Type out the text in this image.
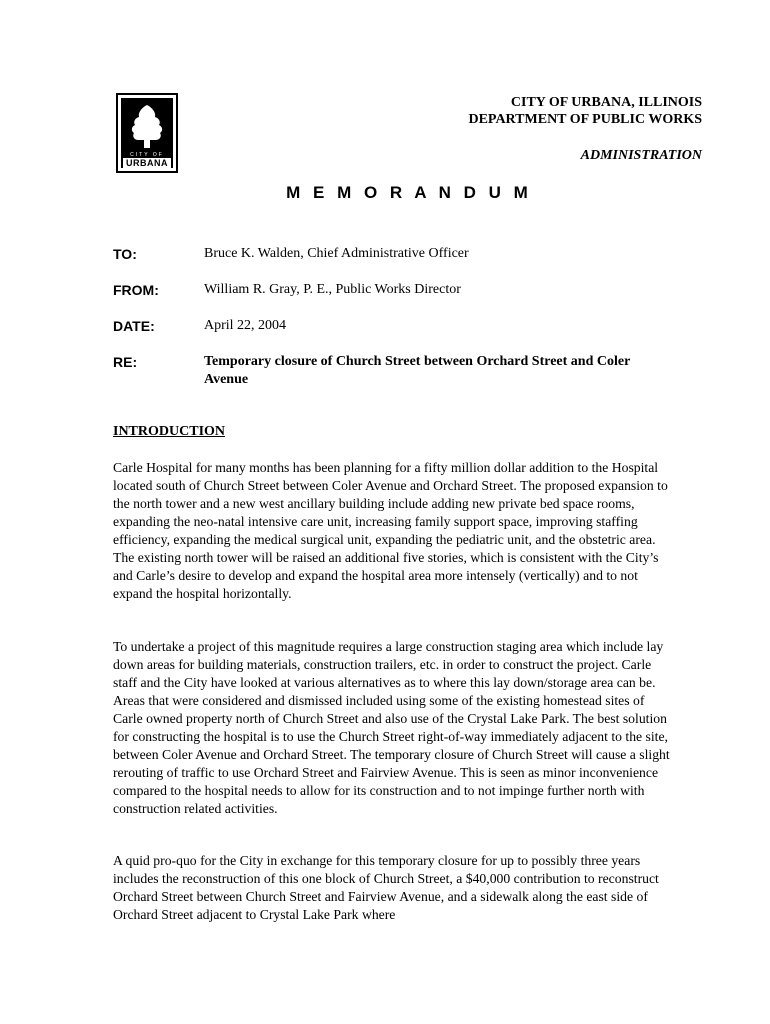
CITY OF
URBANA
CITY OF URBANA, ILLINOIS
DEPARTMENT OF PUBLIC WORKS
ADMINISTRATION
M E M O R A N D U M
TO:	Bruce K. Walden, Chief Administrative Officer
FROM:	William R. Gray, P. E., Public Works Director
DATE:	April 22, 2004
RE:	Temporary closure of Church Street between Orchard Street and Coler
Avenue
INTRODUCTION

Carle Hospital for many months has been planning for a fifty million dollar addition to the Hospital located south of Church Street between Coler Avenue and Orchard Street. The proposed expansion to the north tower and a new west ancillary building include adding new private bed space rooms, expanding the neo-natal intensive care unit, increasing family support space, improving staffing efficiency, expanding the medical surgical unit, expanding the pediatric unit, and the obstetric area. The existing north tower will be raised an additional five stories, which is consistent with the City’s and Carle’s desire to develop and expand the hospital area more intensely (vertically) and to not expand the hospital horizontally.

To undertake a project of this magnitude requires a large construction staging area which include lay down areas for building materials, construction trailers, etc. in order to construct the project. Carle staff and the City have looked at various alternatives as to where this lay down/storage area can be. Areas that were considered and dismissed included using some of the existing homestead sites of Carle owned property north of Church Street and also use of the Crystal Lake Park. The best solution for constructing the hospital is to use the Church Street right-of-way immediately adjacent to the site, between Coler Avenue and Orchard Street. The temporary closure of Church Street will cause a slight rerouting of traffic to use Orchard Street and Fairview Avenue. This is seen as minor inconvenience compared to the hospital needs to allow for its construction and to not impinge further north with construction related activities.

A quid pro-quo for the City in exchange for this temporary closure for up to possibly three years includes the reconstruction of this one block of Church Street, a $40,000 contribution to reconstruct Orchard Street between Church Street and Fairview Avenue, and a sidewalk along the east side of Orchard Street adjacent to Crystal Lake Park where
